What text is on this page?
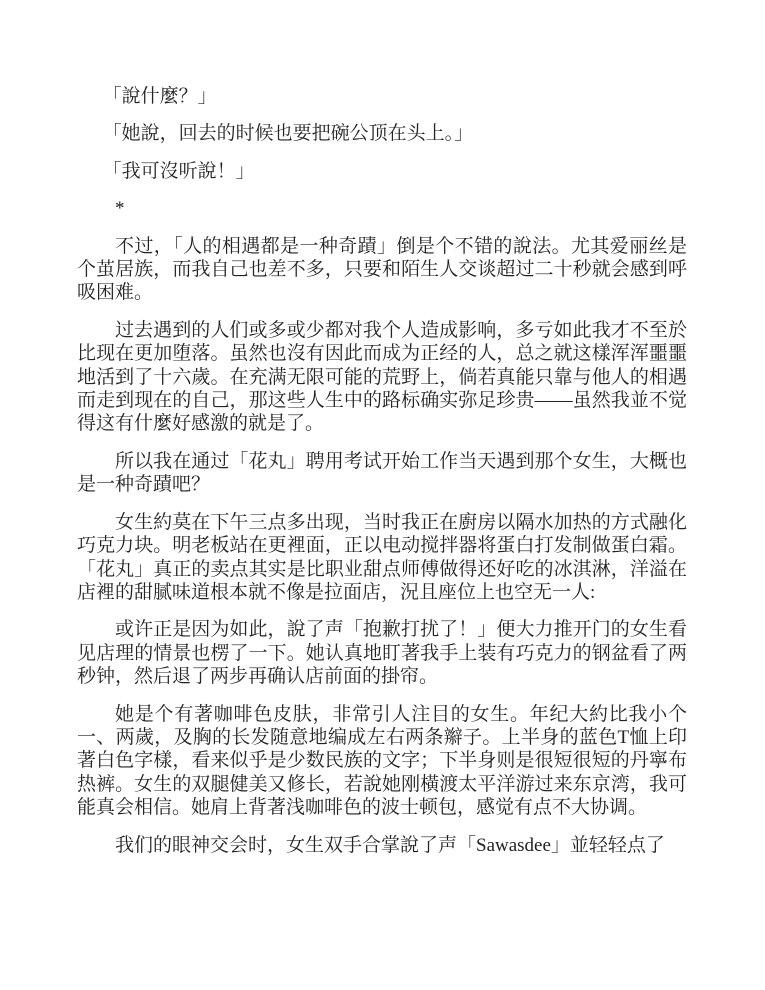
「說什麼？」

「她說，回去的时候也要把碗公顶在头上。」

「我可沒听說！」

*

不过，「人的相遇都是一种奇蹟」倒是个不错的說法。尤其爱丽丝是个茧居族，而我自己也差不多，只要和陌生人交谈超过二十秒就会感到呼吸困难。

过去遇到的人们或多或少都对我个人造成影响，多亏如此我才不至於比现在更加堕落。虽然也沒有因此而成为正经的人，总之就这樣浑浑噩噩地活到了十六歲。在充满无限可能的荒野上，倘若真能只靠与他人的相遇而走到现在的自己，那这些人生中的路标确实弥足珍贵——虽然我並不觉得这有什麼好感激的就是了。

所以我在通过「花丸」聘用考试开始工作当天遇到那个女生，大概也是一种奇蹟吧？

女生約莫在下午三点多出现，当时我正在廚房以隔水加热的方式融化巧克力块。明老板站在更裡面，正以电动搅拌器将蛋白打发制做蛋白霜。「花丸」真正的卖点其实是比职业甜点师傅做得还好吃的冰淇淋，洋溢在店裡的甜腻味道根本就不像是拉面店，況且座位上也空无一人:

或许正是因为如此，說了声「抱歉打扰了！」便大力推开门的女生看见店理的情景也楞了一下。她认真地盯著我手上装有巧克力的钢盆看了两秒钟，然后退了两步再确认店前面的掛帘。

她是个有著咖啡色皮肤，非常引人注目的女生。年纪大約比我小个一、两歲，及胸的长发随意地编成左右两条辮子。上半身的蓝色T恤上印著白色字樣，看来似乎是少数民族的文字；下半身则是很短很短的丹寧布热裤。女生的双腿健美又修长，若說她刚橫渡太平洋游过来东京湾，我可能真会相信。她肩上背著浅咖啡色的波士顿包，感觉有点不大协调。

我们的眼神交会时，女生双手合掌說了声「Sawasdee」並轻轻点了
